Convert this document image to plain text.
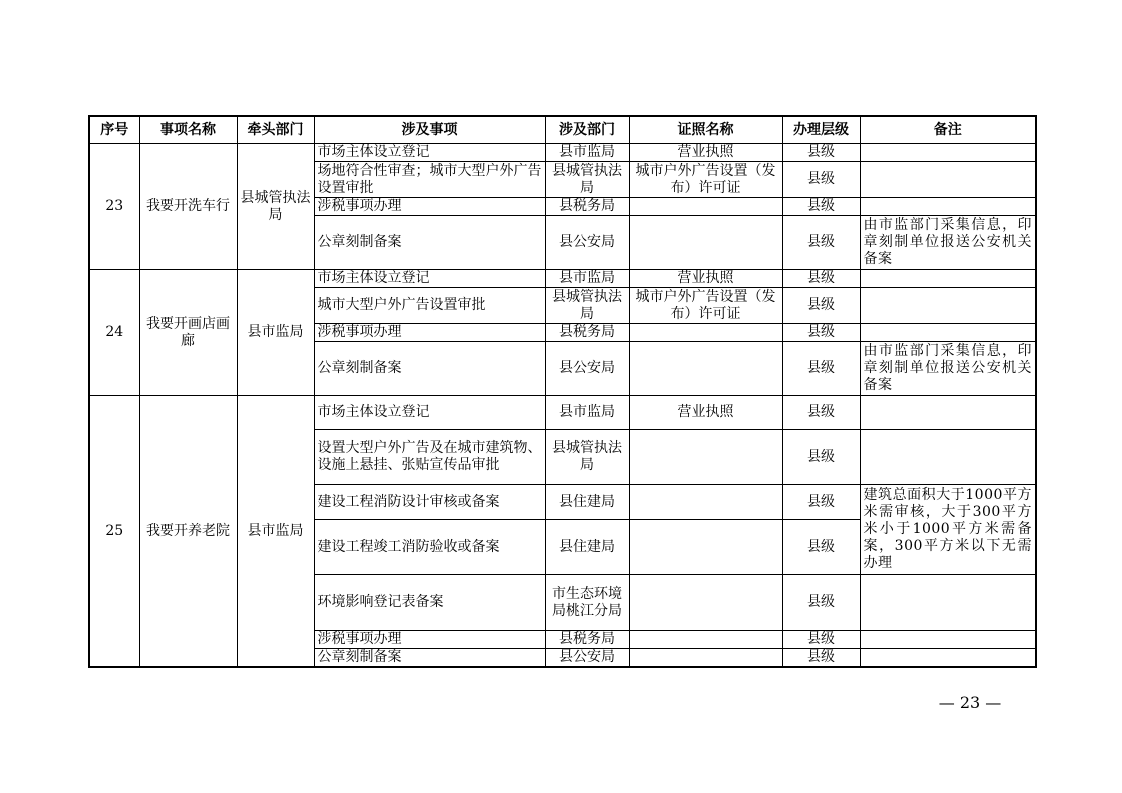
序号	事项名称	牵头部门	涉及事项	涉及部门	证照名称	办理层级	备注
23	我要开洗车行	县城管执法局	市场主体设立登记	县市监局	营业执照	县级	
			场地符合性审查；城市大型户外广告设置审批	县城管执法局	城市户外广告设置（发布）许可证	县级	
			涉税事项办理	县税务局		县级	
			公章刻制备案	县公安局		县级	由市监部门采集信息，印章刻制单位报送公安机关备案
24	我要开画店画廊	县市监局	市场主体设立登记	县市监局	营业执照	县级	
			城市大型户外广告设置审批	县城管执法局	城市户外广告设置（发布）许可证	县级	
			涉税事项办理	县税务局		县级	
			公章刻制备案	县公安局		县级	由市监部门采集信息，印章刻制单位报送公安机关备案
25	我要开养老院	县市监局	市场主体设立登记	县市监局	营业执照	县级	
			设置大型户外广告及在城市建筑物、设施上悬挂、张贴宣传品审批	县城管执法局		县级	
			建设工程消防设计审核或备案	县住建局		县级	建筑总面积大于1000平方米需审核，大于300平方米小于1000平方米需备案，300平方米以下无需办理
			建设工程竣工消防验收或备案	县住建局		县级	
			环境影响登记表备案	市生态环境局桃江分局		县级	
			涉税事项办理	县税务局		县级	
			公章刻制备案	县公安局		县级	
— 23 —
